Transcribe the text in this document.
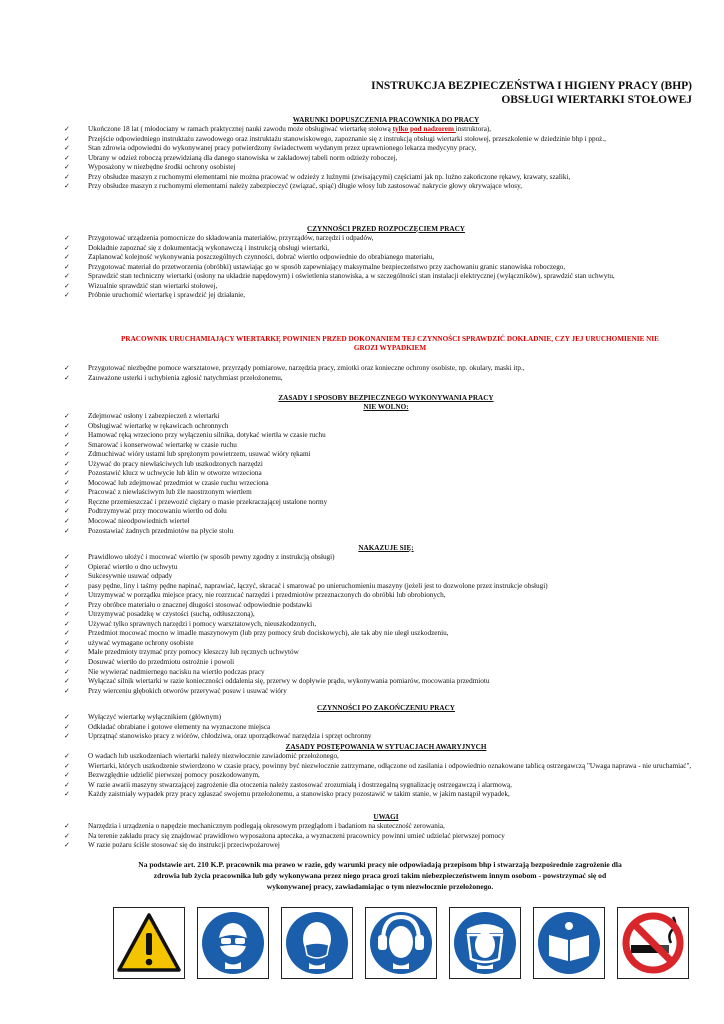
INSTRUKCJA BEZPIECZEŃSTWA I HIGIENY PRACY (BHP)
OBSŁUGI WIERTARKI STOŁOWEJ
WARUNKI DOPUSZCZENIA PRACOWNIKA DO PRACY
✓ Ukończone 18 lat ( młodociany w ramach praktycznej nauki zawodu może obsługiwać wiertarkę stołową tylko pod nadzorem instruktora),
✓ Przejście odpowiedniego instruktażu zawodowego oraz instruktażu stanowiskowego, zapoznanie się z instrukcją obsługi wiertarki stołowej, przeszkolenie w dziedzinie bhp i ppoż.,
✓ Stan zdrowia odpowiedni do wykonywanej pracy potwierdzony świadectwem wydanym przez uprawnionego lekarza medycyny pracy,
✓ Ubrany w odzież roboczą przewidzianą dla danego stanowiska w zakładowej tabeli norm odzieży roboczej,
✓ Wyposażony w niezbędne środki ochrony osobistej
✓ Przy obsłudze maszyn z ruchomymi elementami nie można pracować w odzieży z luźnymi (zwisającymi) częściami jak np. luźno zakończone rękawy, krawaty, szaliki,
✓ Przy obsłudze maszyn z ruchomymi elementami należy zabezpieczyć (związać, spiąć) długie włosy lub zastosować nakrycie głowy okrywające włosy,
CZYNNOŚCI PRZED ROZPOCZĘCIEM PRACY
✓ Przygotować urządzenia pomocnicze do składowania materiałów, przyrządów, narzędzi i odpadów,
✓ Dokładnie zapoznać się z dokumentacją wykonawczą i instrukcją obsługi wiertarki,
✓ Zaplanować kolejność wykonywania poszczególnych czynności, dobrać wiertło odpowiednie do obrabianego materiału,
✓ Przygotować materiał do przetworzenia (obróbki) ustawiając go w sposób zapewniający maksymalne bezpieczeństwo przy zachowaniu granic stanowiska roboczego,
✓ Sprawdzić stan techniczny wiertarki (osłony na układzie napędowym) i oświetlenia stanowiska, a w szczególności stan instalacji elektrycznej (wyłączników), sprawdzić stan uchwytu,
✓ Wizualnie sprawdzić stan wiertarki stołowej,
✓ Próbnie uruchomić wiertarkę i sprawdzić jej działanie,
PRACOWNIK URUCHAMIAJĄCY WIERTARKĘ POWINIEN PRZED DOKONANIEM TEJ CZYNNOŚCI SPRAWDZIĆ DOKŁADNIE, CZY JEJ URUCHOMIENIE NIE
GROZI WYPADKIEM
✓ Przygotować niezbędne pomoce warsztatowe, przyrządy pomiarowe, narzędzia pracy, zmiotki oraz konieczne ochrony osobiste, np. okulary, maski itp.,
✓ Zauważone usterki i uchybienia zgłosić natychmiast przełożonemu,
ZASADY I SPOSOBY BEZPIECZNEGO WYKONYWANIA PRACY
NIE WOLNO:
✓ Zdejmować osłony i zabezpieczeń z wiertarki
✓ Obsługiwać wiertarkę w rękawicach ochronnych
✓ Hamować ręką wrzeciono przy wyłączeniu silnika, dotykać wiertła w czasie ruchu
✓ Smarować i konserwować wiertarkę w czasie ruchu
✓ Zdmuchiwać wióry ustami lub sprężonym powietrzem, usuwać wióry rękami
✓ Używać do pracy niewłaściwych lub uszkodzonych narzędzi
✓ Pozostawić klucz w uchwycie lub klin w otworze wrzeciona
✓ Mocować lub zdejmować przedmiot w czasie ruchu wrzeciona
✓ Pracować z niewłaściwym lub źle naostrzonym wiertłem
✓ Ręczne przemieszczać i przewozić ciężary o masie przekraczającej ustalone normy
✓ Podtrzymywać przy mocowaniu wiertło od dołu
✓ Mocować nieodpowiednich wierteł
✓ Pozostawiać żadnych przedmiotów na płycie stołu
NAKAZUJE SIĘ:
✓ Prawidłowo ułożyć i mocować wiertło (w sposób pewny zgodny z instrukcją obsługi)
✓ Opierać wiertło o dno uchwytu
✓ Sukcesywnie usuwać odpady
✓ pasy pędne, liny i taśmy pędne napinać, naprawiać, łączyć, skracać i smarować po unieruchomieniu maszyny (jeżeli jest to dozwolone przez instrukcje obsługi)
✓ Utrzymywać w porządku miejsce pracy, nie rozrzucać narzędzi i przedmiotów przeznaczonych do obróbki lub obrobionych,
✓ Przy obróbce materiału o znacznej długości stosować odpowiednie podstawki
✓ Utrzymywać posadzkę w czystości (suchą, odtłuszczoną),
✓ Używać tylko sprawnych narzędzi i pomocy warsztatowych, nieuszkodzonych,
✓ Przedmiot mocować mocno w imadle maszynowym (lub przy pomocy śrub dociskowych), ale tak aby nie uległ uszkodzeniu,
✓ używać wymagane ochrony osobiste
✓ Małe przedmioty trzymać przy pomocy kleszczy lub ręcznych uchwytów
✓ Dosuwać wiertło do przedmiotu ostrożnie i powoli
✓ Nie wywierać nadmiernego nacisku na wiertło podczas pracy
✓ Wyłączać silnik wiertarki w razie konieczności oddalenia się, przerwy w dopływie prądu, wykonywania pomiarów, mocowania przedmiotu
✓ Przy wierceniu głębokich otworów przerywać posuw i usuwać wióry
CZYNNOŚCI PO ZAKOŃCZENIU PRACY
✓ Wyłączyć wiertarkę wyłącznikiem (głównym)
✓ Odkładać obrabiane i gotowe elementy na wyznaczone miejsca
✓ Uprzątnąć stanowisko pracy z wiórów, chłodziwa, oraz uporządkować narzędzia i sprzęt ochronny
ZASADY POSTĘPOWANIA W SYTUACJACH AWARYJNYCH
✓ O wadach lub uszkodzeniach wiertarki należy niezwłocznie zawiadomić przełożonego,
✓ Wiertarki, których uszkodzenie stwierdzono w czasie pracy, powinny być niezwłocznie zatrzymane, odłączone od zasilania i odpowiednio oznakowane tablicą ostrzegawczą "Uwaga naprawa - nie uruchamiać",
✓ Bezwzględnie udzielić pierwszej pomocy poszkodowanym,
✓ W razie awarii maszyny stwarzającej zagrożenie dla otoczenia należy zastosować zrozumiałą i dostrzegalną sygnalizację ostrzegawczą i alarmową,
✓ Każdy zaistniały wypadek przy pracy zgłaszać swojemu przełożonemu, a stanowisko pracy pozostawić w takim stanie, w jakim nastąpił wypadek,
UWAGI
✓ Narzędzia i urządzenia o napędzie mechanicznym podlegają okresowym przeglądom i badaniom na skuteczność zerowania,
✓ Na terenie zakładu pracy się znajdować prawidłowo wyposażona apteczka, a wyznaczeni pracownicy powinni umieć udzielać pierwszej pomocy
✓ W razie pożaru ściśle stosować się do instrukcji przeciwpożarowej
Na podstawie art. 210 K.P. pracownik ma prawo w razie, gdy warunki pracy nie odpowiadają przepisom bhp i stwarzają bezpośrednie zagrożenie dla
zdrowia lub życia pracownika lub gdy wykonywana przez niego praca grozi takim niebezpieczeństwem innym osobom - powstrzymać się od
wykonywanej pracy, zawiadamiając o tym niezwłocznie przełożonego.
